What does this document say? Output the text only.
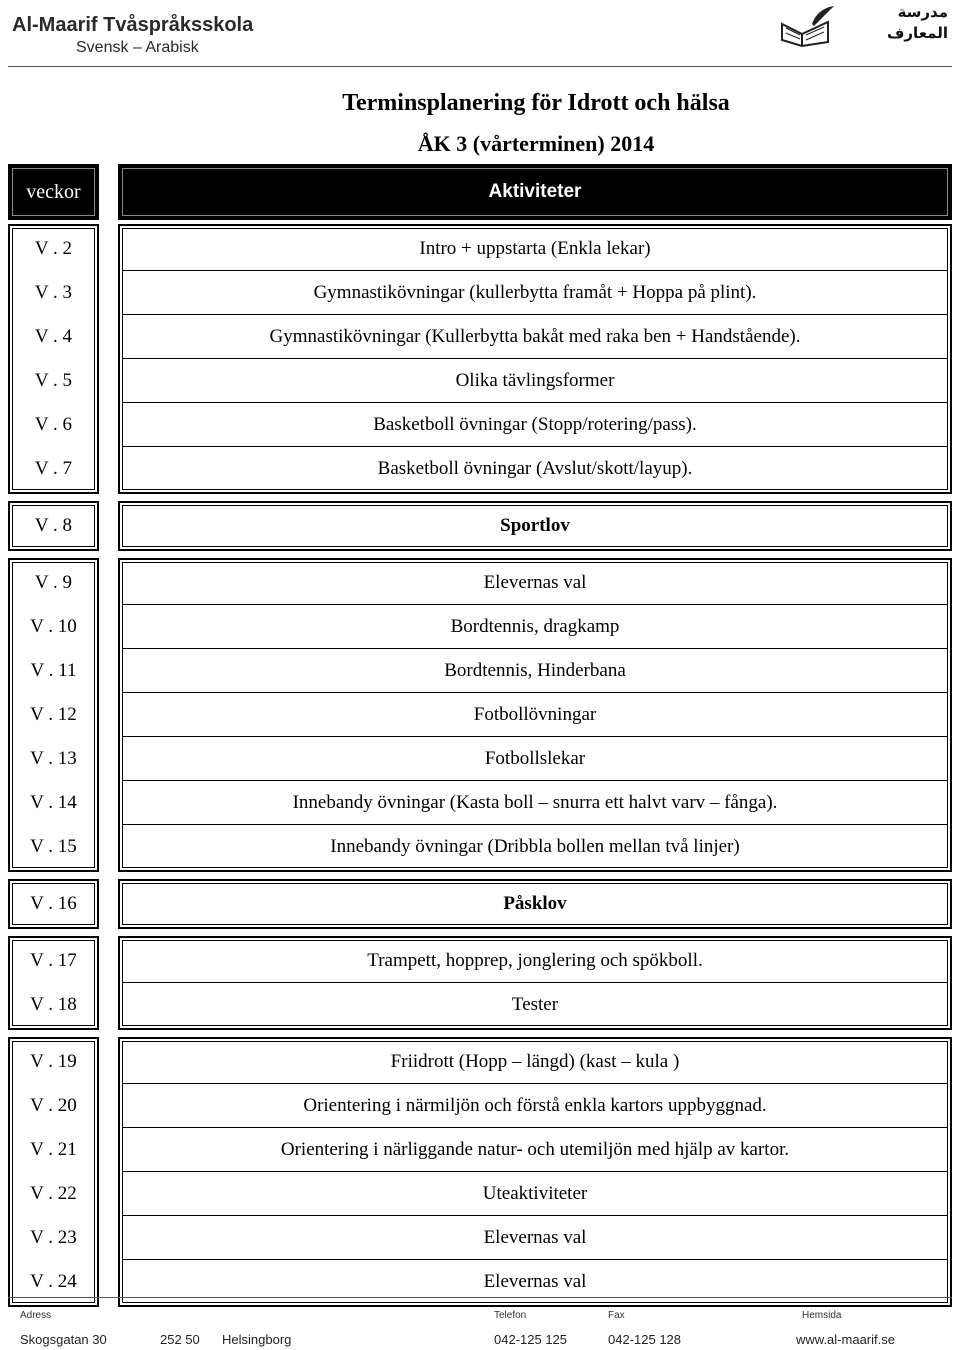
Al-Maarif Tvåspråksskola
Svensk – Arabisk
مدرسة
المعارف
Terminsplanering för Idrott och hälsa
ÅK 3 (vårterminen) 2014
veckor	Aktiviteter
V . 2	Intro + uppstarta (Enkla lekar)
V . 3	Gymnastikövningar (kullerbytta framåt + Hoppa på plint).
V . 4	Gymnastikövningar (Kullerbytta bakåt med raka ben + Handstående).
V . 5	Olika tävlingsformer
V . 6	Basketboll övningar (Stopp/rotering/pass).
V . 7	Basketboll övningar (Avslut/skott/layup).
V . 8	Sportlov
V . 9	Elevernas val
V . 10	Bordtennis, dragkamp
V . 11	Bordtennis, Hinderbana
V . 12	Fotbollövningar
V . 13	Fotbollslekar
V . 14	Innebandy övningar (Kasta boll – snurra ett halvt varv – fånga).
V . 15	Innebandy övningar (Dribbla bollen mellan två linjer)
V . 16	Påsklov
V . 17	Trampett, hopprep, jonglering och spökboll.
V . 18	Tester
V . 19	Friidrott (Hopp – längd) (kast – kula )
V . 20	Orientering i närmiljön och förstå enkla kartors uppbyggnad.
V . 21	Orientering i närliggande natur- och utemiljön med hjälp av kartor.
V . 22	Uteaktiviteter
V . 23	Elevernas val
V . 24	Elevernas val
Adress	Telefon	Fax	Hemsida
Skogsgatan 30	252 50 Helsingborg	042-125 125	042-125 128	www.al-maarif.se
